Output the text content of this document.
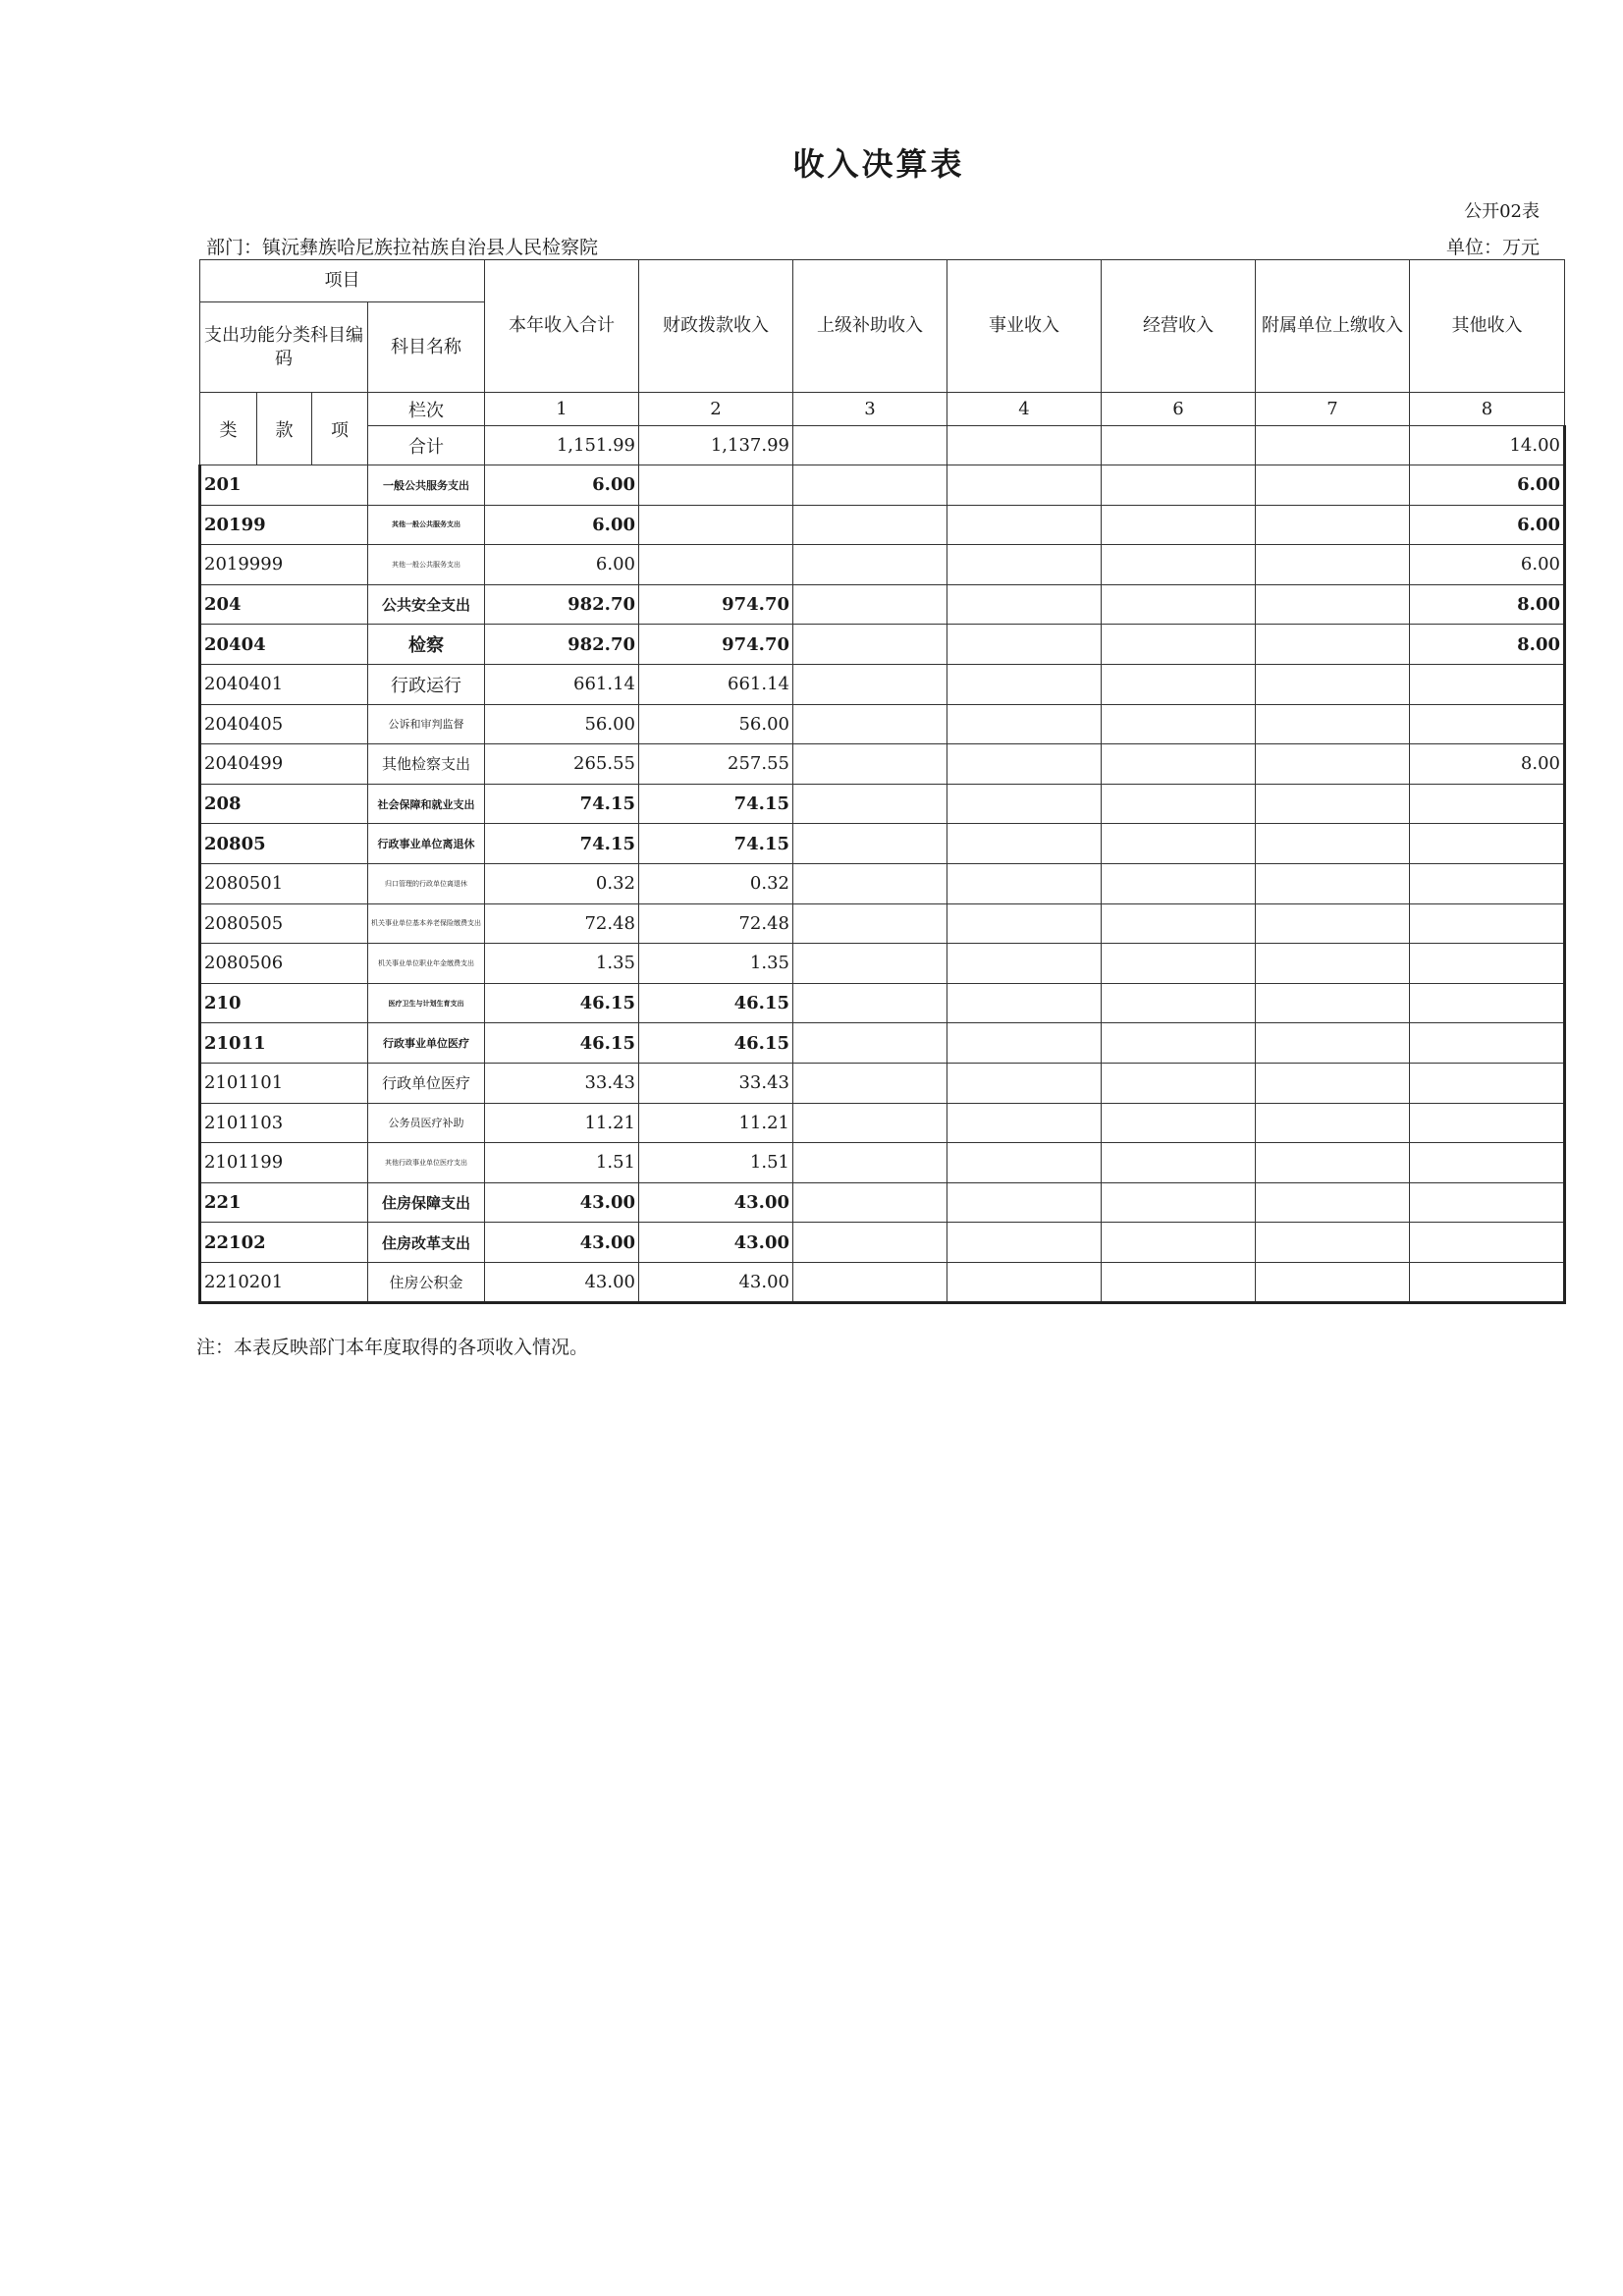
收入决算表
公开02表
部门：镇沅彝族哈尼族拉祜族自治县人民检察院	单位：万元
项目				本年收入合计	财政拨款收入	上级补助收入	事业收入	经营收入	附属单位上缴收入	其他收入
支出功能分类科目编码			科目名称							
类	款	项	栏次	1	2	3	4	6	7	8
			合计	1,151.99	1,137.99					14.00
201			一般公共服务支出	6.00						6.00
20199			其他一般公共服务支出	6.00						6.00
2019999			其他一般公共服务支出	6.00						6.00
204			公共安全支出	982.70	974.70					8.00
20404			检察	982.70	974.70					8.00
2040401			行政运行	661.14	661.14					
2040405			公诉和审判监督	56.00	56.00					
2040499			其他检察支出	265.55	257.55					8.00
208			社会保障和就业支出	74.15	74.15					
20805			行政事业单位离退休	74.15	74.15					
2080501			归口管理的行政单位离退休	0.32	0.32					
2080505			机关事业单位基本养老保险缴费支出	72.48	72.48					
2080506			机关事业单位职业年金缴费支出	1.35	1.35					
210			医疗卫生与计划生育支出	46.15	46.15					
21011			行政事业单位医疗	46.15	46.15					
2101101			行政单位医疗	33.43	33.43					
2101103			公务员医疗补助	11.21	11.21					
2101199			其他行政事业单位医疗支出	1.51	1.51					
221			住房保障支出	43.00	43.00					
22102			住房改革支出	43.00	43.00					
2210201			住房公积金	43.00	43.00					
注：本表反映部门本年度取得的各项收入情况。
